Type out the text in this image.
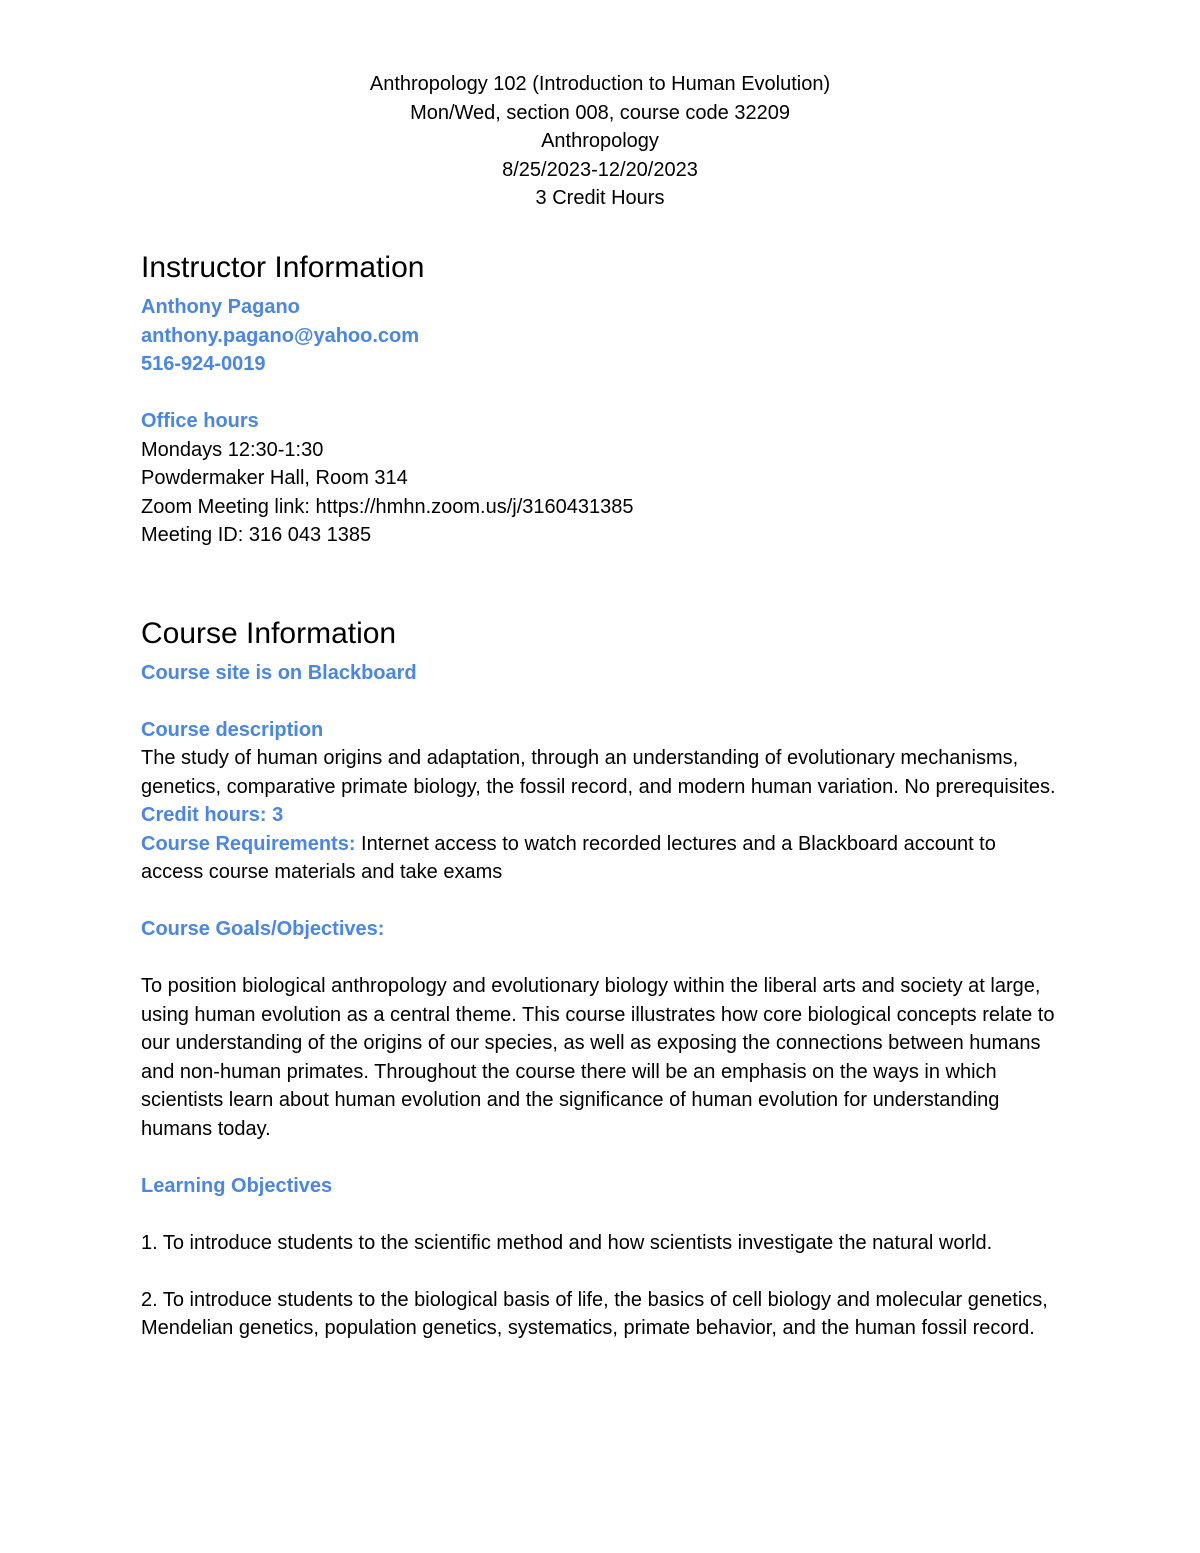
Anthropology 102 (Introduction to Human Evolution)
Mon/Wed, section 008, course code 32209
Anthropology
8/25/2023-12/20/2023
3 Credit Hours
Instructor Information
Anthony Pagano
anthony.pagano@yahoo.com
516-924-0019
Office hours
Mondays 12:30-1:30
Powdermaker Hall, Room 314
Zoom Meeting link: https://hmhn.zoom.us/j/3160431385
Meeting ID: 316 043 1385
Course Information
Course site is on Blackboard
Course description

The study of human origins and adaptation, through an understanding of evolutionary mechanisms, genetics, comparative primate biology, the fossil record, and modern human variation. No prerequisites.

Credit hours: 3

Course Requirements: Internet access to watch recorded lectures and a Blackboard account to access course materials and take exams

Course Goals/Objectives:

To position biological anthropology and evolutionary biology within the liberal arts and society at large, using human evolution as a central theme. This course illustrates how core biological concepts relate to our understanding of the origins of our species, as well as exposing the connections between humans and non-human primates. Throughout the course there will be an emphasis on the ways in which scientists learn about human evolution and the significance of human evolution for understanding humans today.

Learning Objectives

1. To introduce students to the scientific method and how scientists investigate the natural world.

2. To introduce students to the biological basis of life, the basics of cell biology and molecular genetics, Mendelian genetics, population genetics, systematics, primate behavior, and the human fossil record.
